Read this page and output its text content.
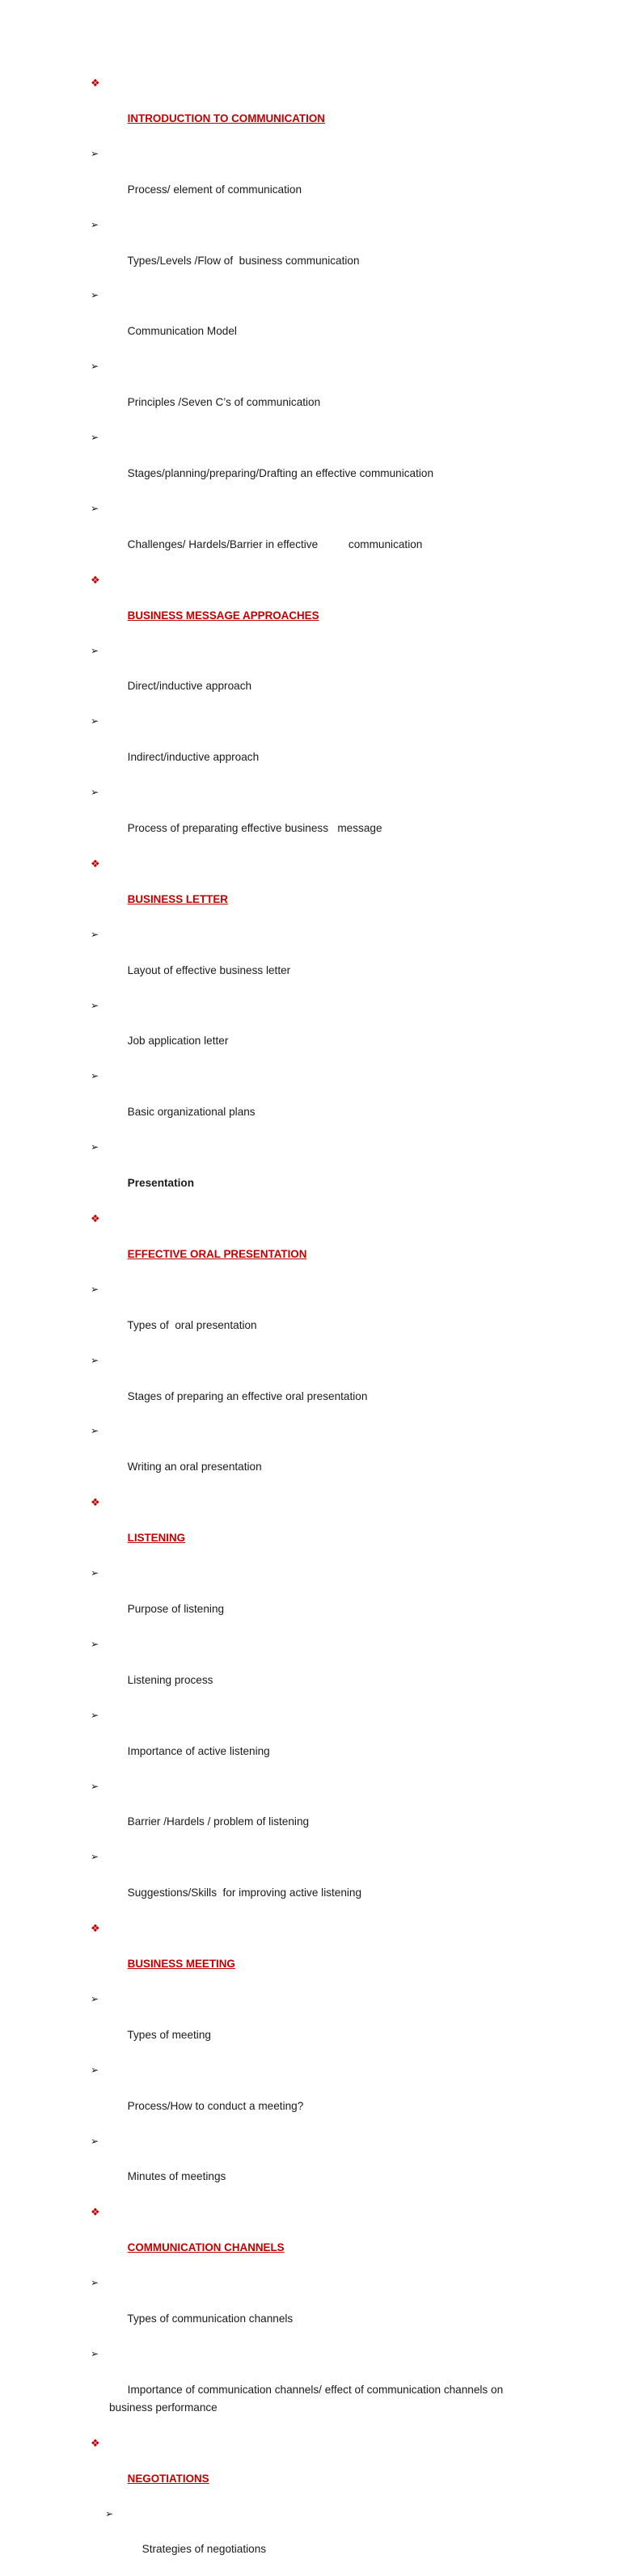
❖

INTRODUCTION TO COMMUNICATION

➢

Process/ element of communication

➢

Types/Levels /Flow of  business communication

➢

Communication Model

➢

Principles /Seven C’s of communication

➢

Stages/planning/preparing/Drafting an effective communication

➢

Challenges/ Hardels/Barrier in effective          communication

❖

BUSINESS MESSAGE APPROACHES

➢

Direct/inductive approach

➢

Indirect/inductive approach

➢

Process of preparating effective business   message

❖

BUSINESS LETTER

➢

Layout of effective business letter

➢

Job application letter

➢

Basic organizational plans

➢

Presentation

❖

EFFECTIVE ORAL PRESENTATION

➢

Types of  oral presentation

➢

Stages of preparing an effective oral presentation

➢

Writing an oral presentation

❖

LISTENING

➢

Purpose of listening

➢

Listening process

➢

Importance of active listening

➢

Barrier /Hardels / problem of listening

➢

Suggestions/Skills  for improving active listening

❖

BUSINESS MEETING

➢

Types of meeting

➢

Process/How to conduct a meeting?

➢

Minutes of meetings

❖

COMMUNICATION CHANNELS

➢

Types of communication channels

➢

Importance of communication channels/ effect of communication channels on business performance

❖

NEGOTIATIONS

➢

Strategies of negotiations
